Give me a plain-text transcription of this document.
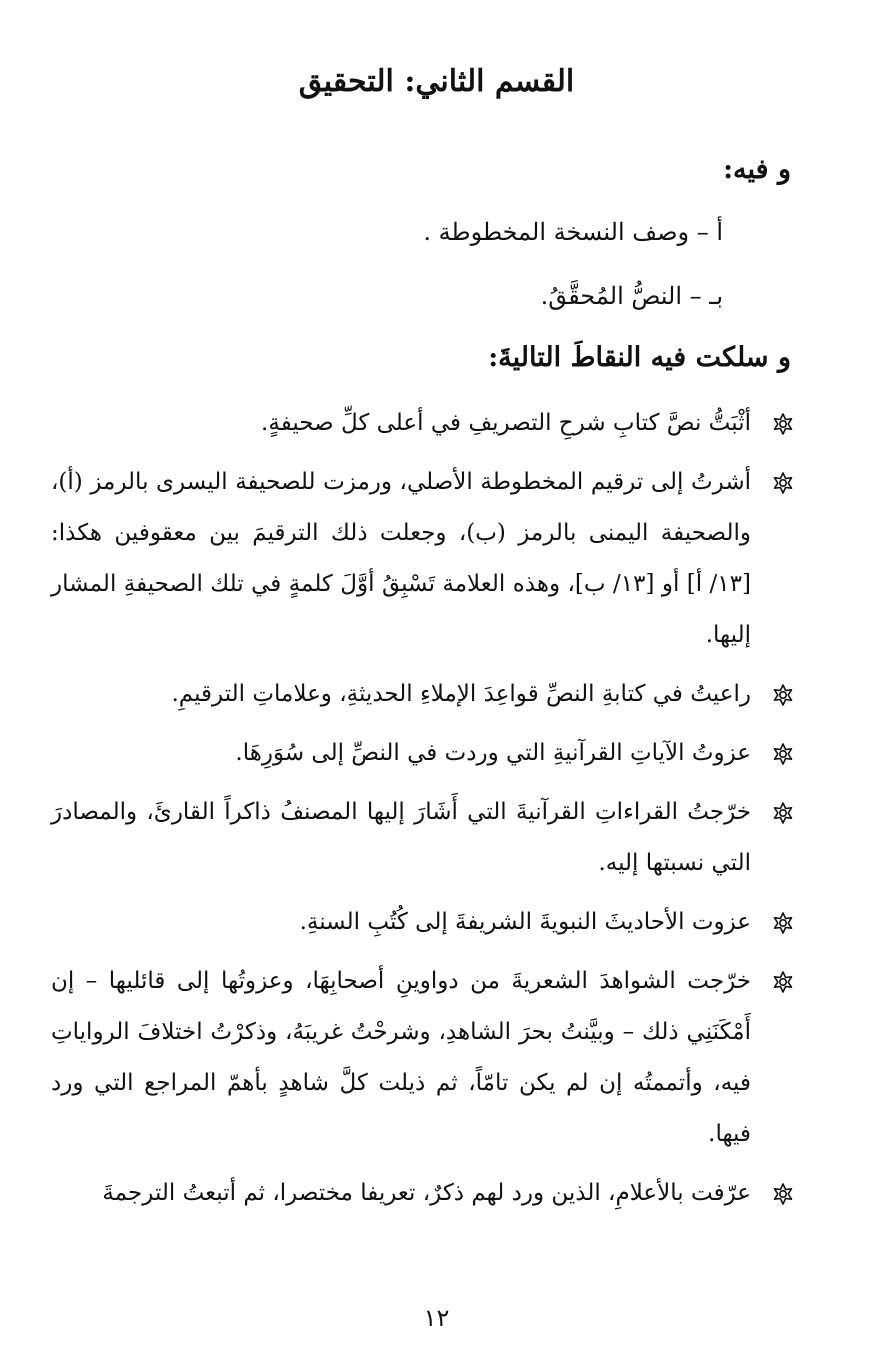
القسم الثاني: التحقيق
و فيه:
أ – وصف النسخة المخطوطة .
بـ – النصُّ المُحقَّقُ.
و سلكت فيه النقاطَ التاليةَ:
أثْبَتُّ نصَّ كتابِ شرحِ التصريفِ في أعلى كلِّ صحيفةٍ.
أشرتُ إلى ترقيم المخطوطة الأصلي، ورمزت للصحيفة اليسرى بالرمز (أ)، والصحيفة اليمنى بالرمز (ب)، وجعلت ذلك الترقيمَ بين معقوفين هكذا: [١٣/ أ] أو [١٣/ ب]، وهذه العلامة تَسْبِقُ أوَّلَ كلمةٍ في تلك الصحيفةِ المشار إليها.
راعيتُ في كتابةِ النصِّ قواعِدَ الإملاءِ الحديثةِ، وعلاماتِ الترقيمِ.
عزوتُ الآياتِ القرآنيةِ التي وردت في النصِّ إلى سُوَرِهَا.
خرّجتُ القراءاتِ القرآنيةَ التي أَشَارَ إليها المصنفُ ذاكراً القارئَ، والمصادرَ التي نسبتها إليه.
عزوت الأحاديثَ النبويةَ الشريفةَ إلى كُتُبِ السنةِ.
خرّجت الشواهدَ الشعريةَ من دواوينِ أصحابِهَا، وعزوتُها إلى قائليها – إن أَمْكَنَنِي ذلك – وبيَّنتُ بحرَ الشاهدِ، وشرحْتُ غريبَهُ، وذكرْتُ اختلافَ الرواياتِ فيه، وأتممتُه إن لم يكن تامّاً، ثم ذيلت كلَّ شاهدٍ بأهمّ المراجع التي ورد فيها.
عرّفت بالأعلامِ، الذين ورد لهم ذكرٌ، تعريفا مختصرا، ثم أتبعتُ الترجمةَ
١٢
